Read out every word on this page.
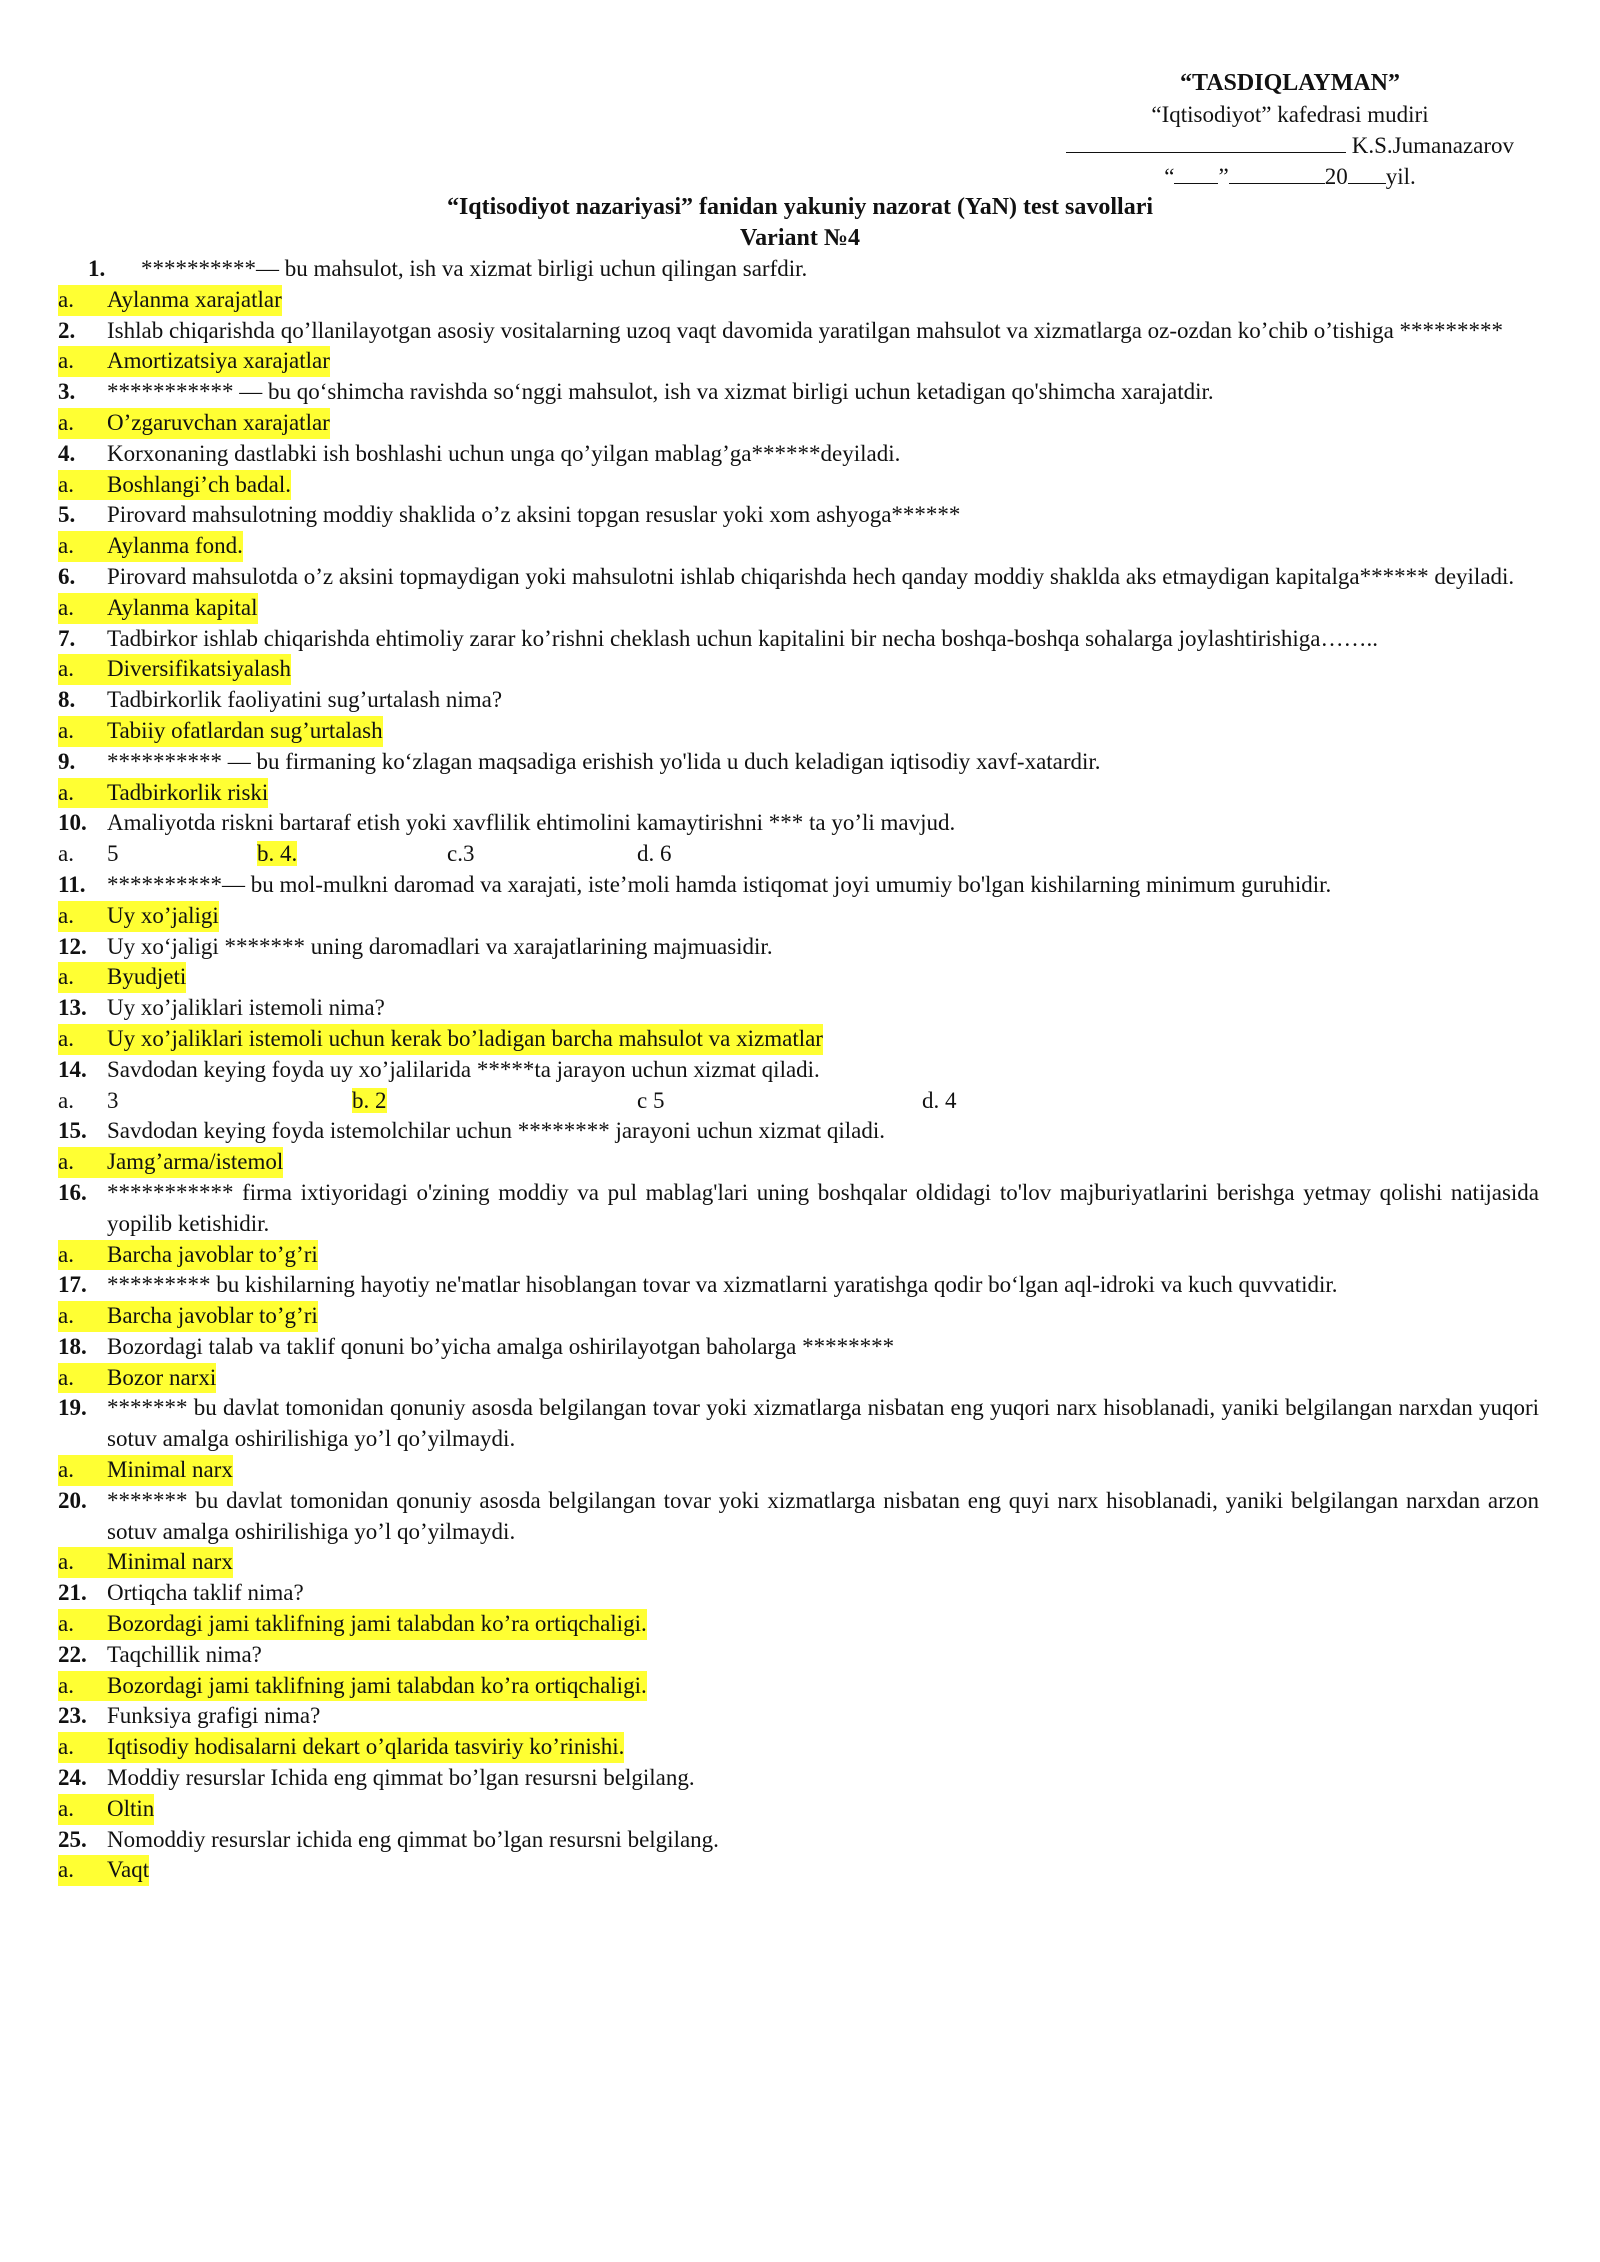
“TASDIQLAYMAN”
“Iqtisodiyot” kafedrasi mudiri
K.S.Jumanazarov
“ ”	20 yil.
“Iqtisodiyot nazariyasi” fanidan yakuniy nazorat (YaN) test savollari
Variant №4
1.	**********— bu mahsulot, ish va xizmat birligi uchun qilingan sarfdir.
a.	Aylanma xarajatlar
2.	Ishlab chiqarishda qo’llanilayotgan asosiy vositalarning uzoq vaqt davomida yaratilgan mahsulot va xizmatlarga oz-ozdan ko’chib o’tishiga *********
a.	Amortizatsiya xarajatlar
3.	*********** — bu qo‘shimcha ravishda so‘nggi mahsulot, ish va xizmat birligi uchun ketadigan qo'shimcha xarajatdir.
a.	O’zgaruvchan xarajatlar
4.	Korxonaning dastlabki ish boshlashi uchun unga qo’yilgan mablag’ga******deyiladi.
a.	Boshlangi’ch badal.
5.	Pirovard mahsulotning moddiy shaklida o’z aksini topgan resuslar yoki xom ashyoga******
a.	Aylanma fond.
6.	Pirovard mahsulotda o’z aksini topmaydigan yoki mahsulotni ishlab chiqarishda hech qanday moddiy shaklda aks etmaydigan kapitalga****** deyiladi.
a.	Aylanma kapital
7.	Tadbirkor ishlab chiqarishda ehtimoliy zarar ko’rishni cheklash uchun kapitalini bir necha boshqa-boshqa sohalarga joylashtirishiga……..
a.	Diversifikatsiyalash
8.	Tadbirkorlik faoliyatini sug’urtalash nima?
a.	Tabiiy ofatlardan sug’urtalash
9.	********** — bu firmaning ko‘zlagan maqsadiga erishish yo'lida u duch keladigan iqtisodiy xavf-xatardir.
a.	Tadbirkorlik riski
10. Amaliyotda riskni bartaraf etish yoki xavflilik ehtimolini kamaytirishni *** ta yo’li mavjud.
a.	5	b. 4.	c.3	d. 6
11. **********— bu mol-mulkni daromad va xarajati, iste’moli hamda istiqomat joyi umumiy bo'lgan kishilarning minimum guruhidir.
a.	Uy xo’jaligi
12. Uy xo‘jaligi ******* uning daromadlari va xarajatlarining majmuasidir.
a.	Byudjeti
13. Uy xo’jaliklari istemoli nima?
a.	Uy xo’jaliklari istemoli uchun kerak bo’ladigan barcha mahsulot va xizmatlar
14. Savdodan keying foyda uy xo’jalilarida *****ta jarayon uchun xizmat qiladi.
a.	3	b. 2	c 5	d. 4
15. Savdodan keying foyda istemolchilar uchun ******** jarayoni uchun xizmat qiladi.
a.	Jamg’arma/istemol
16. *********** firma ixtiyoridagi o'zining moddiy va pul mablag'lari uning boshqalar oldidagi to'lov majburiyatlarini berishga yetmay qolishi natijasida yopilib ketishidir.
a.	Barcha javoblar to’g’ri
17. ********* bu kishilarning hayotiy ne'matlar hisoblangan tovar va xizmatlarni yaratishga qodir bo‘lgan aql-idroki va kuch quvvatidir.
a.	Barcha javoblar to’g’ri
18. Bozordagi talab va taklif qonuni bo’yicha amalga oshirilayotgan baholarga ********
a.	Bozor narxi
19. ******* bu davlat tomonidan qonuniy asosda belgilangan tovar yoki xizmatlarga nisbatan eng yuqori narx hisoblanadi, yaniki belgilangan narxdan yuqori sotuv amalga oshirilishiga yo’l qo’yilmaydi.
a.	Minimal narx
20. ******* bu davlat tomonidan qonuniy asosda belgilangan tovar yoki xizmatlarga nisbatan eng quyi narx hisoblanadi, yaniki belgilangan narxdan arzon sotuv amalga oshirilishiga yo’l qo’yilmaydi.
a.	Minimal narx
21. Ortiqcha taklif nima?
a.	Bozordagi jami taklifning jami talabdan ko’ra ortiqchaligi.
22. Taqchillik nima?
a.	Bozordagi jami taklifning jami talabdan ko’ra ortiqchaligi.
23. Funksiya grafigi nima?
a.	Iqtisodiy hodisalarni dekart o’qlarida tasviriy ko’rinishi.
24. Moddiy resurslar Ichida eng qimmat bo’lgan resursni belgilang.
a.	Oltin
25. Nomoddiy resurslar ichida eng qimmat bo’lgan resursni belgilang.
a.	Vaqt
